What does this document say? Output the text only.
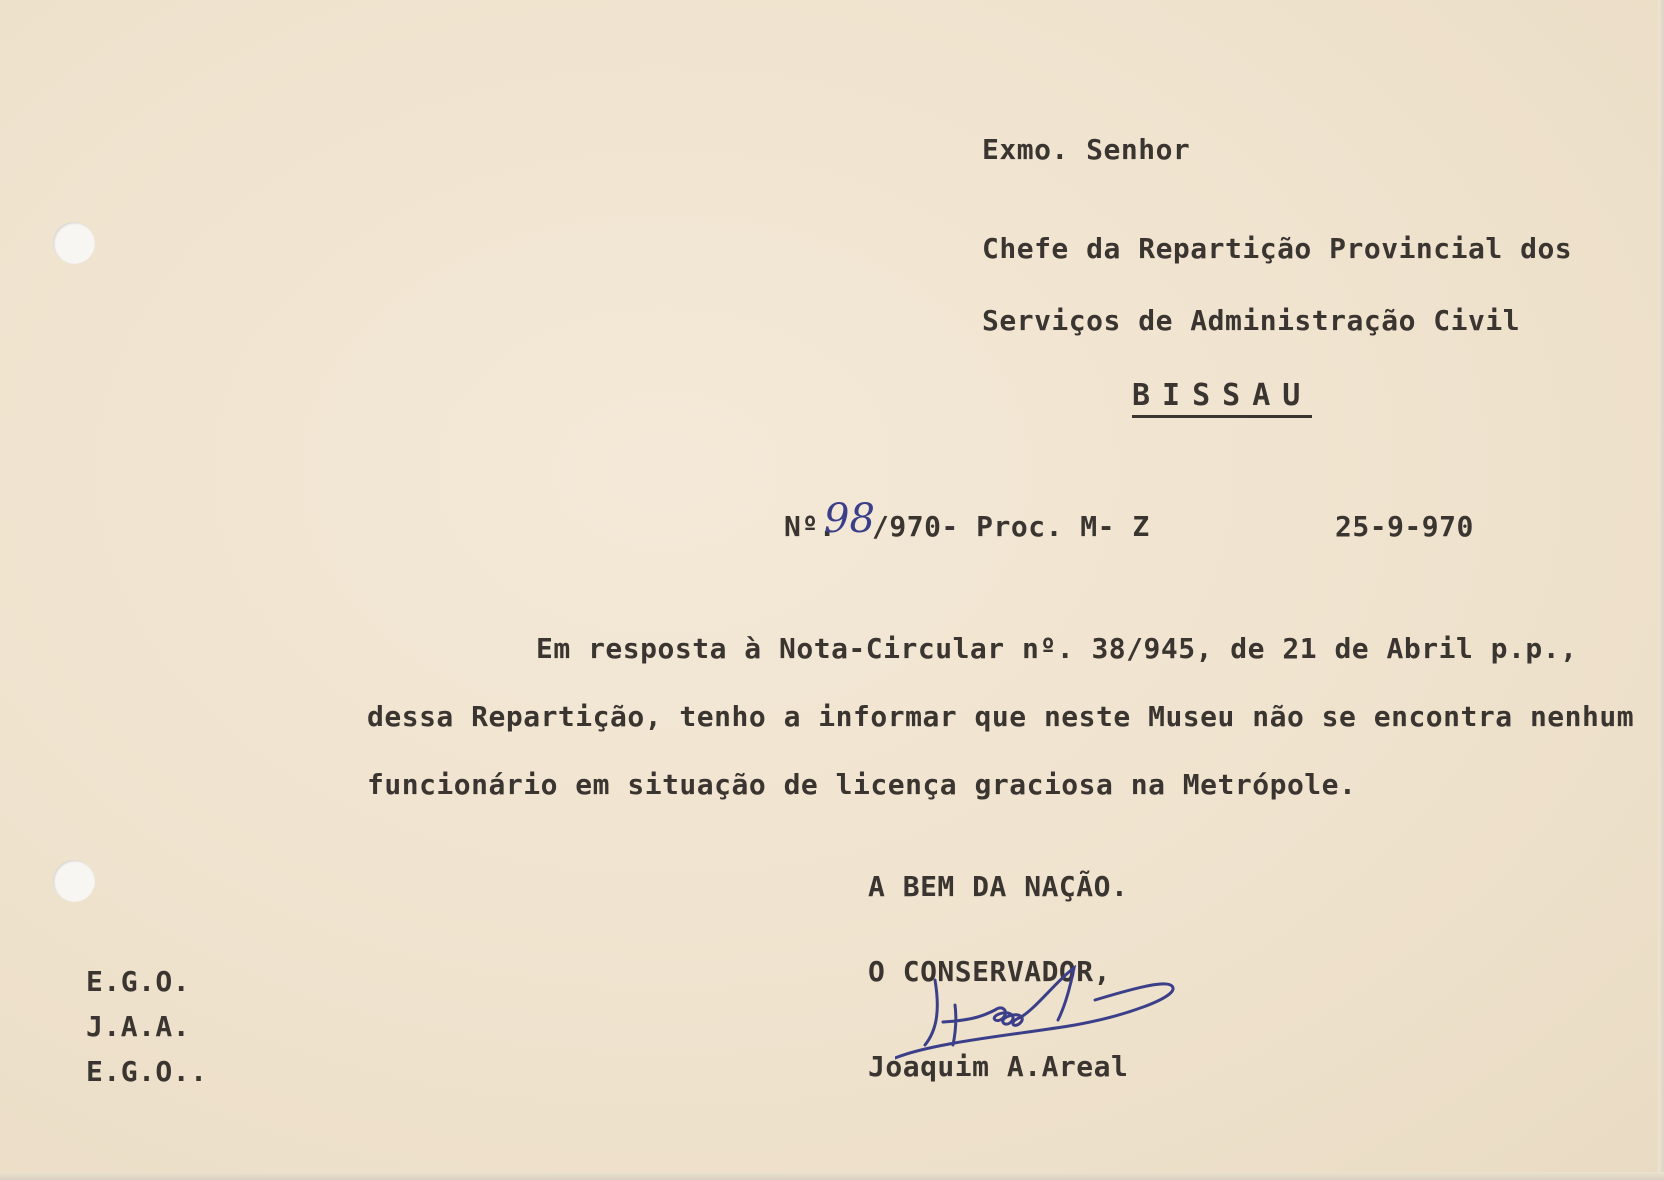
Exmo. Senhor
Chefe da Repartição Provincial dos
Serviços de Administração Civil
BISSAU
Nº.
98
/970- Proc. M- Z	25-9-970
Em resposta à Nota-Circular nº. 38/945, de 21 de Abril p.p.,
dessa Repartição, tenho a informar que neste Museu não se encontra nenhum
funcionário em situação de licença graciosa na Metrópole.
A BEM DA NAÇÃO.
O CONSERVADOR,
Joaquim A.Areal
E.G.O.
J.A.A.
E.G.O..
